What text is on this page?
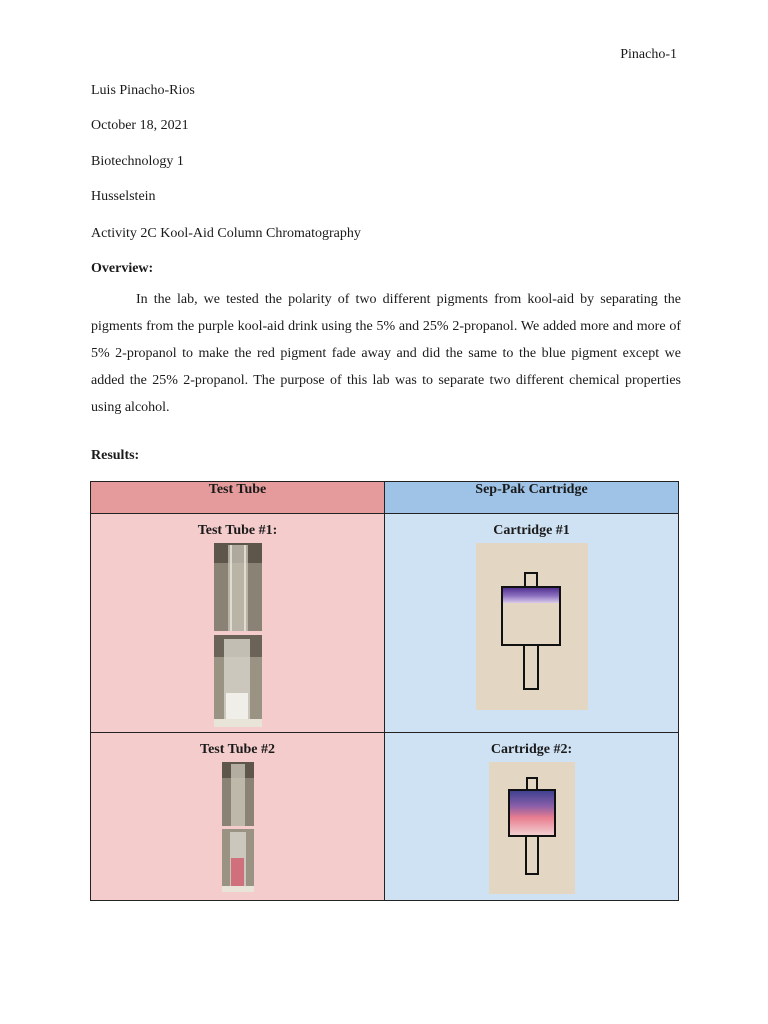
Pinacho-1
Luis Pinacho-Rios
October 18, 2021
Biotechnology 1
Husselstein
Activity 2C Kool-Aid Column Chromatography
Overview:
In the lab, we tested the polarity of two different pigments from kool-aid by separating the pigments from the purple kool-aid drink using the 5% and 25% 2-propanol. We added more and more of 5% 2-propanol to make the red pigment fade away and did the same to the blue pigment except we added the 25% 2-propanol. The purpose of this lab was to separate two different chemical properties using alcohol.
Results:
Test Tube	Sep-Pak Cartridge

Test Tube #1:	Cartridge #1

Test Tube #2	Cartridge #2:
